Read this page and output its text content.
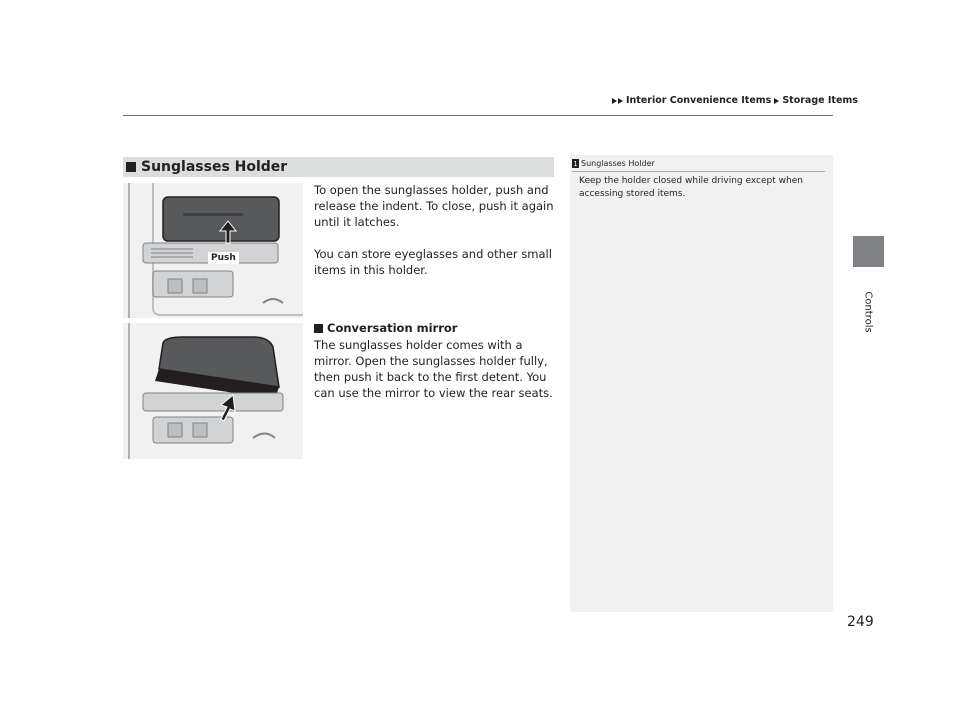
Interior Convenience Items Storage Items
Controls
Sunglasses Holder
Push

To open the sunglasses holder, push and release the indent. To close, push it again until it latches.

You can store eyeglasses and other small items in this holder.

Conversation mirror

The sunglasses holder comes with a mirror. Open the sunglasses holder fully, then push it back to the first detent. You can use the mirror to view the rear seats.

1 Sunglasses Holder
Keep the holder closed while driving except when accessing stored items.
249
